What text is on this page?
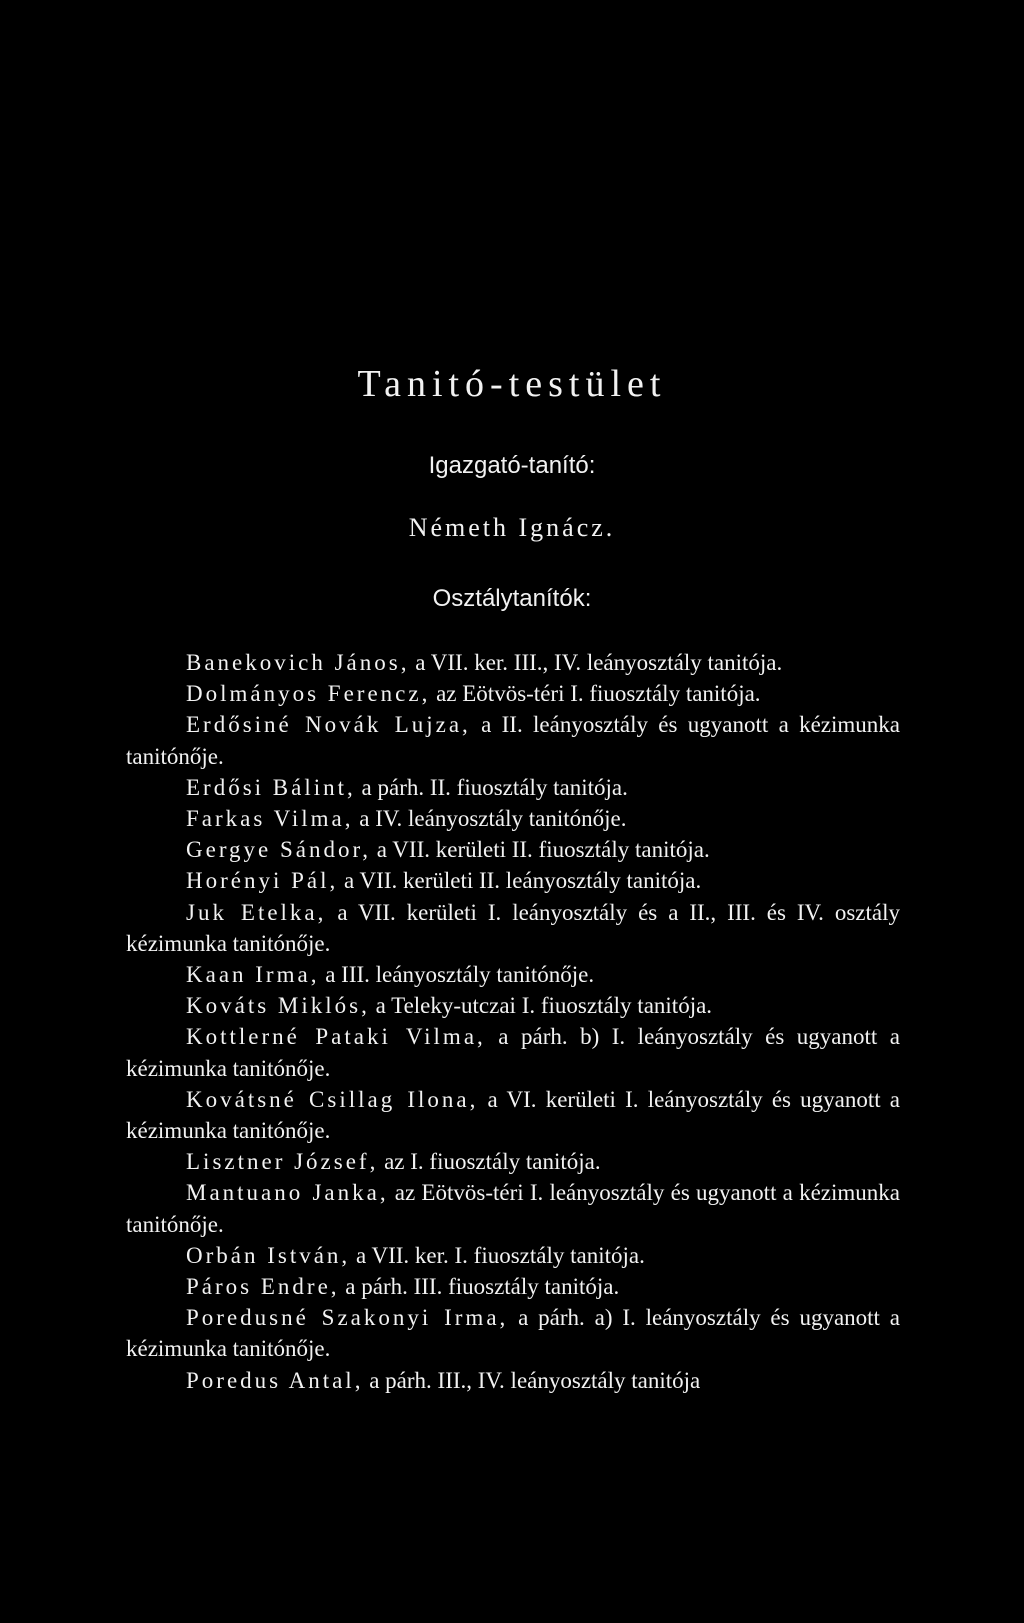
Tanitó-testület
Igazgató-tanító:
Németh Ignácz.
Osztálytanítók:
Banekovich János, a VII. ker. III., IV. leányosztály tanitója.
Dolmányos Ferencz, az Eötvös-téri I. fiuosztály tanitója.
Erdősiné Novák Lujza, a II. leányosztály és ugyanott a kézimunka tanitónője.
Erdősi Bálint, a párh. II. fiuosztály tanitója.
Farkas Vilma, a IV. leányosztály tanitónője.
Gergye Sándor, a VII. kerületi II. fiuosztály tanitója.
Horényi Pál, a VII. kerületi II. leányosztály tanitója.
Juk Etelka, a VII. kerületi I. leányosztály és a II., III. és IV. osztály kézimunka tanitónője.
Kaan Irma, a III. leányosztály tanitónője.
Kováts Miklós, a Teleky-utczai I. fiuosztály tanitója.
Kottlerné Pataki Vilma, a párh. b) I. leányosztály és ugyanott a kézimunka tanitónője.
Kovátsné Csillag Ilona, a VI. kerületi I. leányosztály és ugyanott a kézimunka tanitónője.
Lisztner József, az I. fiuosztály tanitója.
Mantuano Janka, az Eötvös-téri I. leányosztály és ugyanott a kézimunka tanitónője.
Orbán István, a VII. ker. I. fiuosztály tanitója.
Páros Endre, a párh. III. fiuosztály tanitója.
Poredusné Szakonyi Irma, a párh. a) I. leányosztály és ugyanott a kézimunka tanitónője.
Poredus Antal, a párh. III., IV. leányosztály tanitója
